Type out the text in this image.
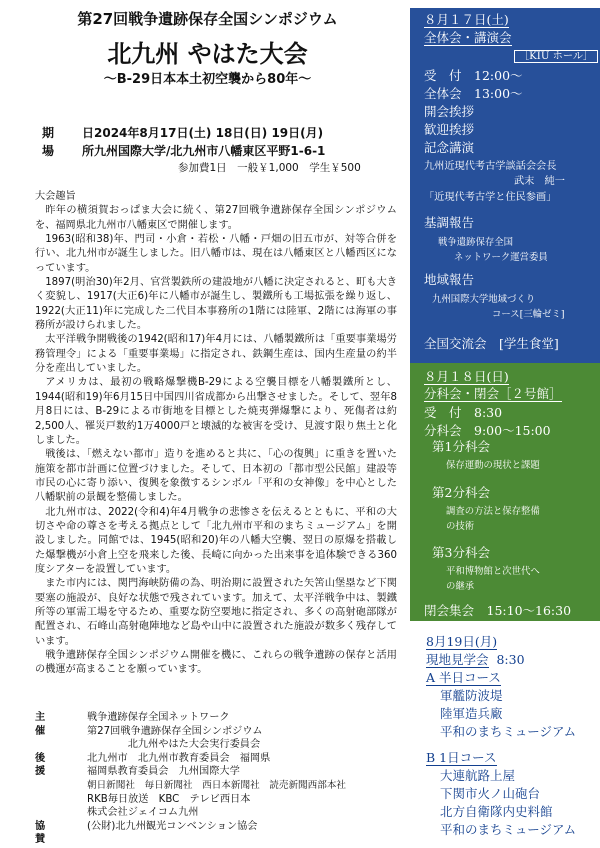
第27回戦争遺跡保存全国シンポジウム
北九州 やはた大会
～B-29日本本土初空襲から80年～
期　日2024年8月17日(土) 18日(日) 19日(月)
場　所九州国際大学/北九州市八幡東区平野1-6-1
参加費1日　一般￥1,000　学生￥500
大会趣旨

昨年の横須賀おっぱま大会に続く、第27回戦争遺跡保存全国シンポジウムを、福岡県北九州市八幡東区で開催します。

1963(昭和38)年、門司・小倉・若松・八幡・戸畑の旧五市が、対等合併を行い、北九州市が誕生しました。旧八幡市は、現在は八幡東区と八幡西区になっています。

1897(明治30)年2月、官営製鉄所の建設地が八幡に決定されると、町も大きく変貌し、1917(大正6)年に八幡市が誕生し、製鐵所も工場拡張を繰り返し、1922(大正11)年に完成した二代目本事務所の1階には陸軍、2階には海軍の事務所が設けられました。

太平洋戦争開戦後の1942(昭和17)年4月には、八幡製鐵所は「重要事業場労務管理令」による「重要事業場」に指定され、鉄鋼生産は、国内生産量の約半分を産出していました。

アメリカは、最初の戦略爆撃機B-29による空襲目標を八幡製鐵所とし、1944(昭和19)年6月15日中国四川省成都から出撃させました。そして、翌年8月8日には、B-29による市街地を目標とした焼夷弾爆撃により、死傷者は約2,500人、罹災戸数約1万4000戸と壊滅的な被害を受け、見渡す限り焦土と化しました。

戦後は、「燃えない都市」造りを進めると共に、「心の復興」に重きを置いた施策を都市計画に位置づけました。そして、日本初の「都市型公民館」建設等市民の心に寄り添い、復興を象徴するシンボル「平和の女神像」を中心とした八幡駅前の景観を整備しました。

北九州市は、2022(令和4)年4月戦争の悲惨さを伝えるとともに、平和の大切さや命の尊さを考える拠点として「北九州市平和のまちミュージアム」を開設しました。同館では、1945(昭和20)年の八幡大空襲、翌日の原爆を搭載した爆撃機が小倉上空を飛来した後、長崎に向かった出来事を追体験できる360度シアターを設置しています。

また市内には、関門海峡防備の為、明治期に設置された矢筈山堡塁など下関要塞の施設が、良好な状態で残されています。加えて、太平洋戦争中は、製鐵所等の軍需工場を守るため、重要な防空要地に指定され、多くの高射砲部隊が配置され、石峰山高射砲陣地など島や山中に設置された施設が数多く残存しています。

戦争遺跡保存全国シンポジウム開催を機に、これらの戦争遺跡の保存と活用の機運が高まることを願っています。

主　催
戦争遺跡保存全国ネットワーク
第27回戦争遺跡保存全国シンポジウム
　　　　北九州やはた大会実行委員会
後　援
北九州市　北九州市教育委員会　福岡県
福岡県教育委員会　九州国際大学
朝日新聞社　毎日新聞社　西日本新聞社　読売新聞西部本社
RKB毎日放送　KBC　テレビ西日本
株式会社ジェイコム九州
協　賛
(公財)北九州観光コンベンション協会
８月１７日(土)
全体会・講演会
［KIU ホール］
受　付　12:00～
全体会　13:00～
開会挨拶
歓迎挨拶
記念講演
九州近現代考古学談話会会長
武末　純一
「近現代考古学と住民参画」
基調報告
戦争遺跡保存全国
ネットワーク運営委員
地域報告
九州国際大学地域づくり
コース[三輪ゼミ]
全国交流会　[学生食堂]
８月１８日(日)
分科会・閉会［２号館］
受　付　8:30
分科会　9:00～15:00
第1分科会
保存運動の現状と課題
第2分科会
調査の方法と保存整備
の技術
第3分科会
平和博物館と次世代へ
の継承
閉会集会　15:10～16:30
8月19日(月)
現地見学会 8:30
A 半日コース
軍艦防波堤
陸軍造兵廠
平和のまちミュージアム
B 1日コース
大連航路上屋
下関市火ノ山砲台
北方自衛隊内史料館
平和のまちミュージアム
